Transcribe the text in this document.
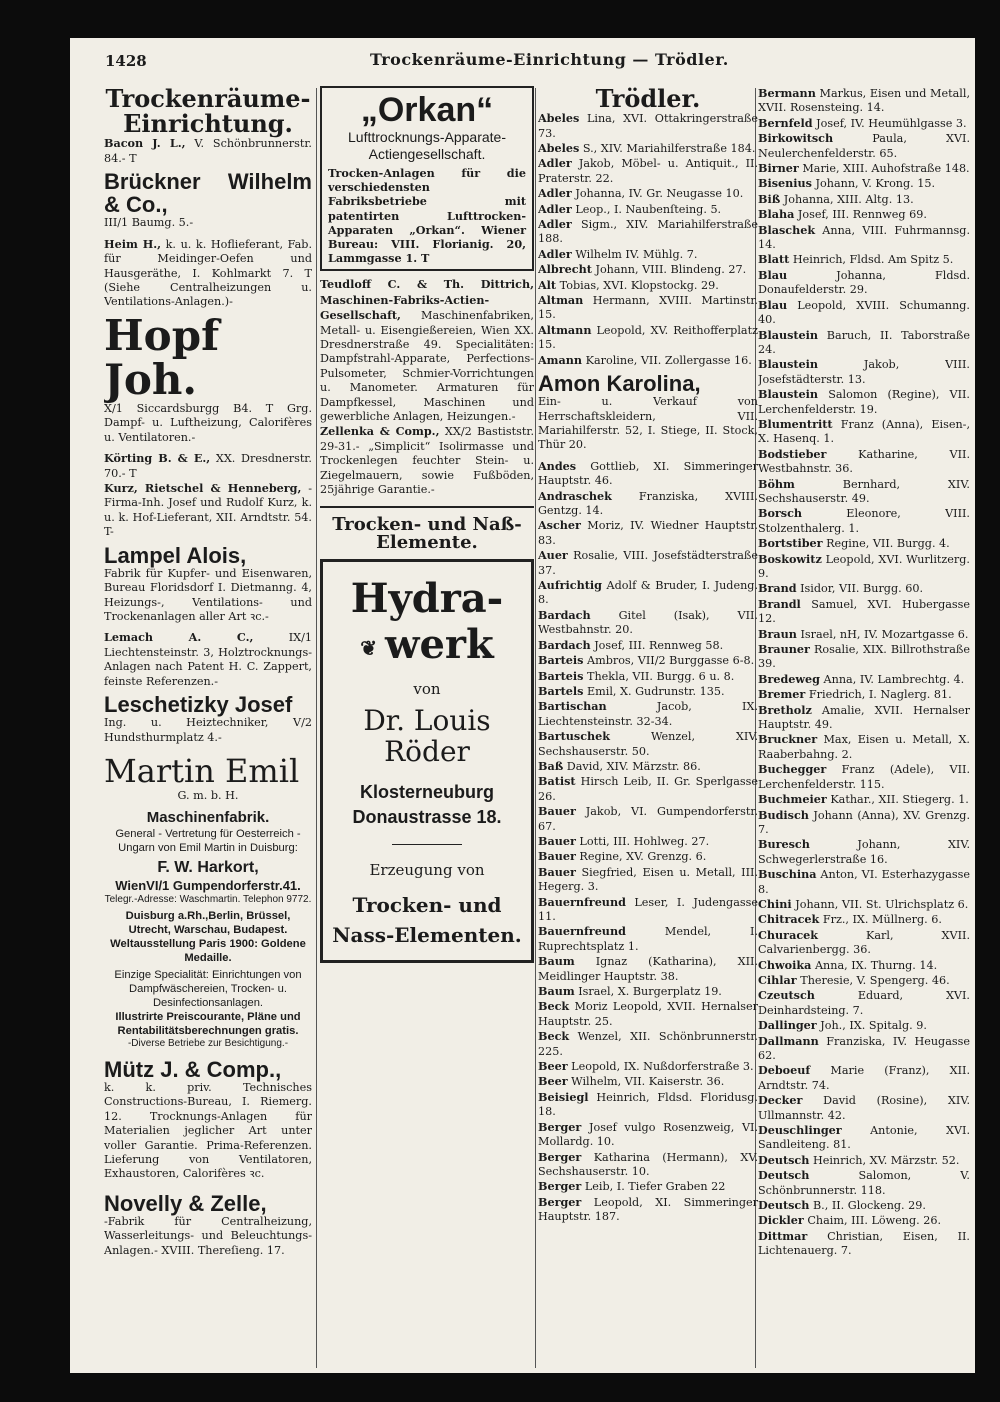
1428	Trockenräume-Einrichtung — Trödler.

Trockenräume-Einrichtung.

Bacon J. L., V. Schönbrunnerstr. 84.- T

Brückner Wilhelm & Co.,
III/1 Baumg. 5.-

Heim H., k. u. k. Hoflieferant, Fab. für Meidinger-Oefen und Hausgeräthe, I. Kohlmarkt 7. T (Siehe Centralheizungen u. Ventilations-Anlagen.)-

Hopf Joh.
X/1 Siccardsburgg B4. T Grg. Dampf- u. Luftheizung, Calorifères u. Ventilatoren.-

Körting B. & E., XX. Dresdnerstr. 70.- T

Kurz, Rietschel & Henneberg, -Firma-Inh. Josef und Rudolf Kurz, k. u. k. Hof-Lieferant, XII. Arndtstr. 54. T-

Lampel Alois,
Fabrik für Kupfer- und Eisenwaren, Bureau Floridsdorf I. Dietmanng. 4, Heizungs-, Ventilations- und Trockenanlagen aller Art ꝛc.-

Lemach A. C.,	IX/1 Liechtensteinstr. 3, Holztrocknungs-Anlagen nach Patent H. C. Zappert, feinste Referenzen.-

Leschetizky Josef
Ing. u. Heiztechniker, V/2 Hundsthurmplatz 4.-

Martin Emil
G. m. b. H.

Maschinenfabrik.
General - Vertretung für Oesterreich - Ungarn von Emil Martin in Duisburg:
F. W. Harkort,
WienVI/1 Gumpendorferstr.41.
Telegr.-Adresse: Waschmartin. Telephon 9772.
Duisburg a.Rh.,Berlin, Brüssel, Utrecht, Warschau, Budapest. Weltausstellung Paris 1900: Goldene Medaille.
Einzige Specialität: Einrichtungen von Dampfwäschereien, Trocken- u. Desinfectionsanlagen.
Illustrirte Preiscourante, Pläne und Rentabilitätsberechnungen gratis.
-Diverse Betriebe zur Besichtigung.-

Mütz J. & Comp.,
k. k. priv. Technisches Constructions-Bureau, I. Riemerg. 12. Trocknungs-Anlagen für Materialien jeglicher Art unter voller Garantie. Prima-Referenzen. Lieferung von Ventilatoren, Exhaustoren, Calorifères ꝛc.

Novelly & Zelle,
-Fabrik für Centralheizung, Wasserleitungs- und Beleuchtungs-Anlagen.- XVIII. Thereſieng. 17.

„Orkan“
Lufttrocknungs-Apparate-Actiengesellschaft.
Trocken-Anlagen für die verschiedensten Fabriksbetriebe mit patentirten Lufttrocken-Apparaten „Orkan“. Wiener Bureau: VIII. Florianig. 20, Lammgasse 1. T

Teudloff C. & Th. Dittrich, Maschinen-Fabriks-Actien-Gesellschaft, Maschinenfabriken, Metall- u. Eisengießereien, Wien XX. Dresdnerstraße 49. Specialitäten: Dampfstrahl-Apparate, Perfections-Pulsometer, Schmier-Vorrichtungen u. Manometer. Armaturen für Dampfkessel, Maschinen und gewerbliche Anlagen, Heizungen.-

Zellenka & Comp., XX/2 Bastiststr. 29-31.- „Simplicit“ Isolirmasse und Trockenlegen feuchter Stein- u. Ziegelmauern, sowie Fußböden, 25jährige Garantie.-

Trocken- und Naß-Elemente.

Hydra-
❦ werk
von
Dr. Louis Röder
Klosterneuburg
Donaustrasse 18.
Erzeugung von
Trocken- und
Nass-Elementen.

Trödler.

Abeles Lina, XVI. Ottakringerstraße 73.

Abeles S., XIV. Mariahilferstraße 184.

Adler Jakob, Möbel- u. Antiquit., II. Praterstr. 22.

Adler Johanna, IV. Gr. Neugasse 10.

Adler Leop., I. Naubenſteing. 5.

Adler Sigm., XIV. Mariahilferstraße 188.

Adler Wilhelm IV. Mühlg. 7.

Albrecht Johann, VIII. Blindeng. 27.

Alt Tobias, XVI. Klopstockg. 29.

Altman Hermann, XVIII. Martinstr. 15.

Altmann Leopold, XV. Reithofferplatz 15.

Amann Karoline, VII. Zollergasse 16.

Amon Karolina,
Ein- u. Verkauf von Herrschaftskleidern, VII. Mariahilferstr. 52, I. Stiege, II. Stock, Thür 20.

Andes Gottlieb, XI. Simmeringer Hauptstr. 46.

Andraschek Franziska, XVIII. Gentzg. 14.

Ascher Moriz, IV. Wiedner Hauptstr. 83.

Auer Rosalie, VIII. Josefstädterstraße 37.

Aufrichtig Adolf & Bruder, I. Judeng. 8.

Bardach Gitel (Isak), VII. Westbahnstr. 20.

Bardach Josef, III. Rennweg 58.

Barteis Ambros, VII/2 Burggasse 6-8.

Barteis Thekla, VII. Burgg. 6 u. 8.

Bartels Emil, X. Gudrunstr. 135.

Bartischan	Jacob, IX. Liechtensteinstr. 32-34.

Bartuschek	Wenzel, XIV. Sechshauserstr. 50.

Baß David, XIV. Märzstr. 86.

Batist Hirsch Leib, II. Gr. Sperlgasse 26.

Bauer Jakob, VI. Gumpendorferstr. 67.

Bauer Lotti, III. Hohlweg. 27.

Bauer Regine, XV. Grenzg. 6.

Bauer Siegfried, Eisen u. Metall, III. Hegerg. 3.

Bauernfreund Leser, I. Judengasse 11.

Bauernfreund	Mendel, I. Ruprechtsplatz 1.

Baum Ignaz (Katharina), XII. Meidlinger Hauptstr. 38.

Baum Israel, X. Burgerplatz 19.

Beck Moriz Leopold, XVII. Hernalser Hauptstr. 25.

Beck Wenzel, XII. Schönbrunnerstr. 225.

Beer Leopold, IX. Nußdorferstraße 3.

Beer Wilhelm, VII. Kaiserstr. 36.

Beisiegl Heinrich, Fldsd. Floridusg. 18.

Berger Josef vulgo Rosenzweig, VI. Mollardg. 10.

Berger Katharina (Hermann), XV. Sechshauserstr. 10.

Berger Leib, I. Tiefer Graben 22

Berger Leopold, XI. Simmeringer Hauptstr. 187.

Bermann Markus, Eisen und Metall, XVII. Rosensteing. 14.

Bernfeld Josef, IV. Heumühlgasse 3.

Birkowitsch	Paula, XVI. Neulerchenfelderstr. 65.

Birner Marie, XIII. Auhofstraße 148.

Bisenius Johann, V. Krong. 15.

Biß Johanna, XIII. Altg. 13.

Blaha Josef, III. Rennweg 69.

Blaschek Anna, VIII. Fuhrmannsg. 14.

Blatt Heinrich, Fldsd. Am Spitz 5.

Blau	Johanna, Fldsd. Donaufelderstr. 29.

Blau Leopold, XVIII. Schumanng. 40.

Blaustein Baruch, II. Taborstraße 24.

Blaustein	Jakob, VIII. Josefstädterstr. 13.

Blaustein Salomon (Regine), VII. Lerchenfelderstr. 19.

Blumentritt Franz (Anna), Eisen-, X. Hasenq. 1.

Bodstieber	Katharine, VII. Westbahnstr. 36.

Böhm	Bernhard, XIV. Sechshauserstr. 49.

Borsch	Eleonore, VIII. Stolzenthalerg. 1.

Bortstiber Regine, VII. Burgg. 4.

Boskowitz Leopold, XVI. Wurlitzerg. 9.

Brand Isidor, VII. Burgg. 60.

Brandl Samuel, XVI. Hubergasse 12.

Braun Israel, nH, IV. Mozartgasse 6.

Brauner Rosalie, XIX. Billrothstraße 39.

Bredeweg Anna, IV. Lambrechtg. 4.

Bremer Friedrich, I. Naglerg. 81.

Bretholz Amalie, XVII. Hernalser Hauptstr. 49.

Bruckner Max, Eisen u. Metall, X. Raaberbahng. 2.

Buchegger Franz (Adele), VII. Lerchenfelderstr. 115.

Buchmeier Kathar., XII. Stiegerg. 1.

Budisch Johann (Anna), XV. Grenzg. 7.

Buresch	Johann, XIV. Schwegerlerstraße 16.

Buschina Anton, VI. Esterhazygasse 8.

Chini Johann, VII. St. Ulrichsplatz 6.

Chitracek Frz., IX. Müllnerg. 6.

Churacek	Karl, XVII. Calvarienbergg. 36.

Chwoika Anna, IX. Thurng. 14.

Cihlar Theresie, V. Spengerg. 46.

Czeutsch	Eduard, XVI. Deinhardsteing. 7.

Dallinger Joh., IX. Spitalg. 9.

Dallmann Franziska, IV. Heugasse 62.

Deboeuf Marie (Franz), XII. Arndtstr. 74.

Decker David (Rosine), XIV. Ullmannstr. 42.

Deuschlinger	Antonie, XVI. Sandleiteng. 81.

Deutsch Heinrich, XV. Märzstr. 52.

Deutsch	Salomon, V. Schönbrunnerstr. 118.

Deutsch B., II. Glockeng. 29.

Dickler Chaim, III. Löweng. 26.

Dittmar Christian, Eisen, II. Lichtenauerg. 7.
